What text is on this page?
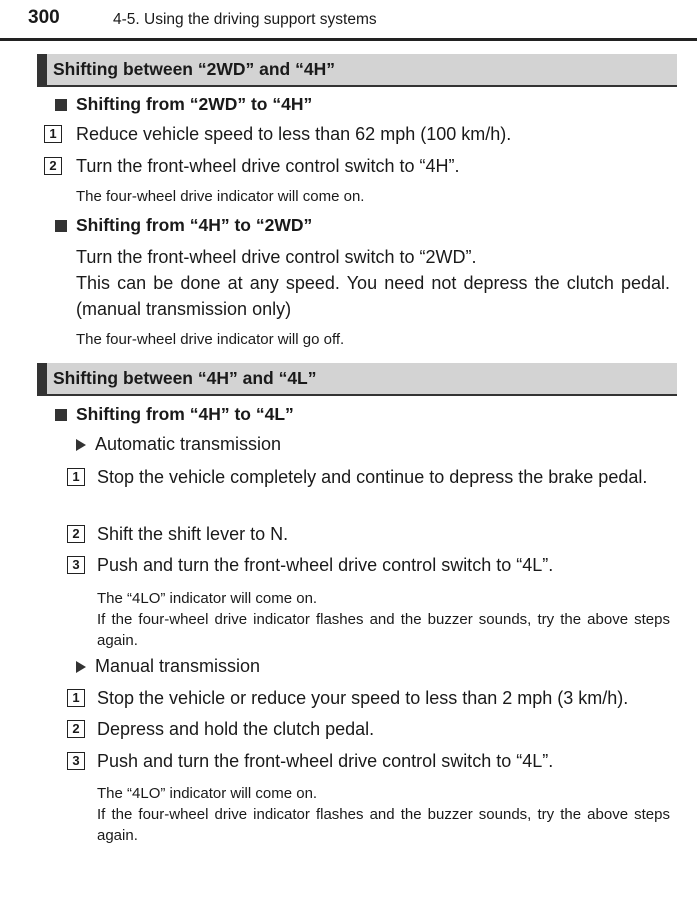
300	4-5. Using the driving support systems
Shifting between “2WD” and “4H”
Shifting from “2WD” to “4H”
1 Reduce vehicle speed to less than 62 mph (100 km/h).
2 Turn the front-wheel drive control switch to “4H”.
The four-wheel drive indicator will come on.
Shifting from “4H” to “2WD”
Turn the front-wheel drive control switch to “2WD”.
This can be done at any speed. You need not depress the clutch pedal. (manual transmission only)
The four-wheel drive indicator will go off.
Shifting between “4H” and “4L”
Shifting from “4H” to “4L”
Automatic transmission
1 Stop the vehicle completely and continue to depress the brake pedal.
2 Shift the shift lever to N.
3 Push and turn the front-wheel drive control switch to “4L”.
The “4LO” indicator will come on.
If the four-wheel drive indicator flashes and the buzzer sounds, try the above steps again.
Manual transmission
1 Stop the vehicle or reduce your speed to less than 2 mph (3 km/h).
2 Depress and hold the clutch pedal.
3 Push and turn the front-wheel drive control switch to “4L”.
The “4LO” indicator will come on.
If the four-wheel drive indicator flashes and the buzzer sounds, try the above steps again.
